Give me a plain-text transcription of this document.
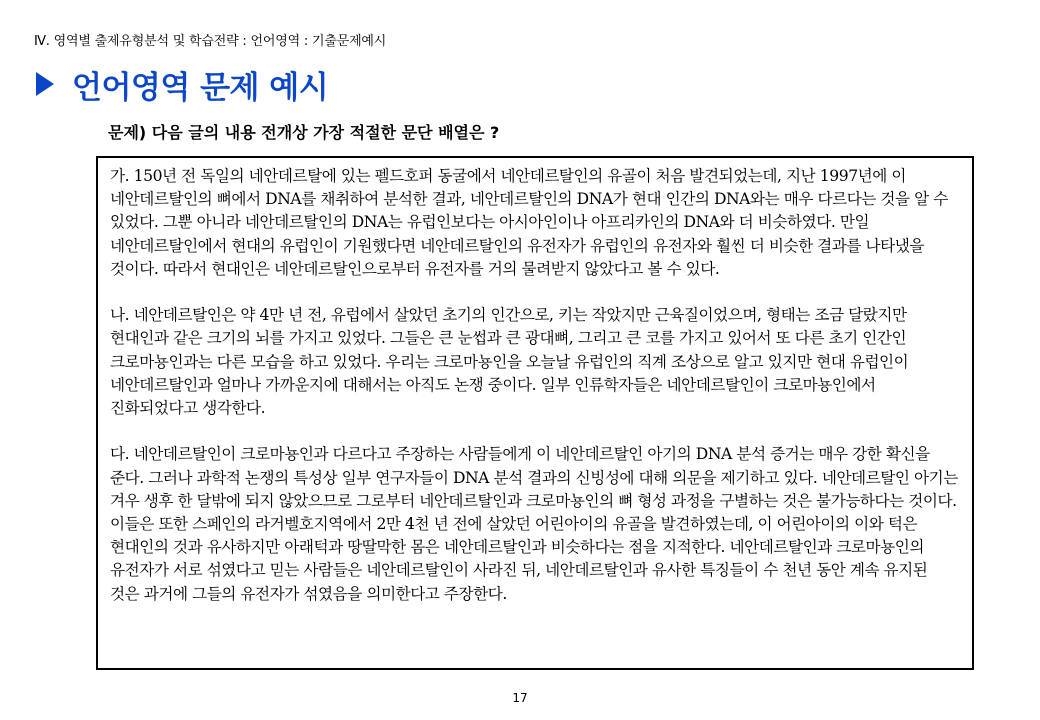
Ⅳ. 영역별 출제유형분석 및 학습전략 : 언어영역 : 기출문제예시
언어영역 문제 예시
문제) 다음 글의 내용 전개상 가장 적절한 문단 배열은 ?

가. 150년 전 독일의 네안데르탈에 있는 펠드호퍼 동굴에서 네안데르탈인의 유골이 처음 발견되었는데, 지난 1997년에 이 네안데르탈인의 뼈에서 DNA를 채취하여 분석한 결과, 네안데르탈인의 DNA가 현대 인간의 DNA와는 매우 다르다는 것을 알 수 있었다. 그뿐 아니라 네안데르탈인의 DNA는 유럽인보다는 아시아인이나 아프리카인의 DNA와 더 비슷하였다. 만일 네안데르탈인에서 현대의 유럽인이 기원했다면 네안데르탈인의 유전자가 유럽인의 유전자와 훨씬 더 비슷한 결과를 나타냈을 것이다. 따라서 현대인은 네안데르탈인으로부터 유전자를 거의 물려받지 않았다고 볼 수 있다.

나. 네안데르탈인은 약 4만 년 전, 유럽에서 살았던 초기의 인간으로, 키는 작았지만 근육질이었으며, 형태는 조금 달랐지만 현대인과 같은 크기의 뇌를 가지고 있었다. 그들은 큰 눈썹과 큰 광대뼈, 그리고 큰 코를 가지고 있어서 또 다른 초기 인간인 크로마뇽인과는 다른 모습을 하고 있었다. 우리는 크로마뇽인을 오늘날 유럽인의 직계 조상으로 알고 있지만 현대 유럽인이 네안데르탈인과 얼마나 가까운지에 대해서는 아직도 논쟁 중이다. 일부 인류학자들은 네안데르탈인이 크로마뇽인에서 진화되었다고 생각한다.

다. 네안데르탈인이 크로마뇽인과 다르다고 주장하는 사람들에게 이 네안데르탈인 아기의 DNA 분석 증거는 매우 강한 확신을 준다. 그러나 과학적 논쟁의 특성상 일부 연구자들이 DNA 분석 결과의 신빙성에 대해 의문을 제기하고 있다. 네안데르탈인 아기는 겨우 생후 한 달밖에 되지 않았으므로 그로부터 네안데르탈인과 크로마뇽인의 뼈 형성 과정을 구별하는 것은 불가능하다는 것이다. 이들은 또한 스페인의 라거벨호지역에서 2만 4천 년 전에 살았던 어린아이의 유골을 발견하였는데, 이 어린아이의 이와 턱은 현대인의 것과 유사하지만 아래턱과 땅딸막한 몸은 네안데르탈인과 비슷하다는 점을 지적한다. 네안데르탈인과 크로마뇽인의 유전자가 서로 섞였다고 믿는 사람들은 네안데르탈인이 사라진 뒤, 네안데르탈인과 유사한 특징들이 수 천년 동안 계속 유지된 것은 과거에 그들의 유전자가 섞였음을 의미한다고 주장한다.

17
